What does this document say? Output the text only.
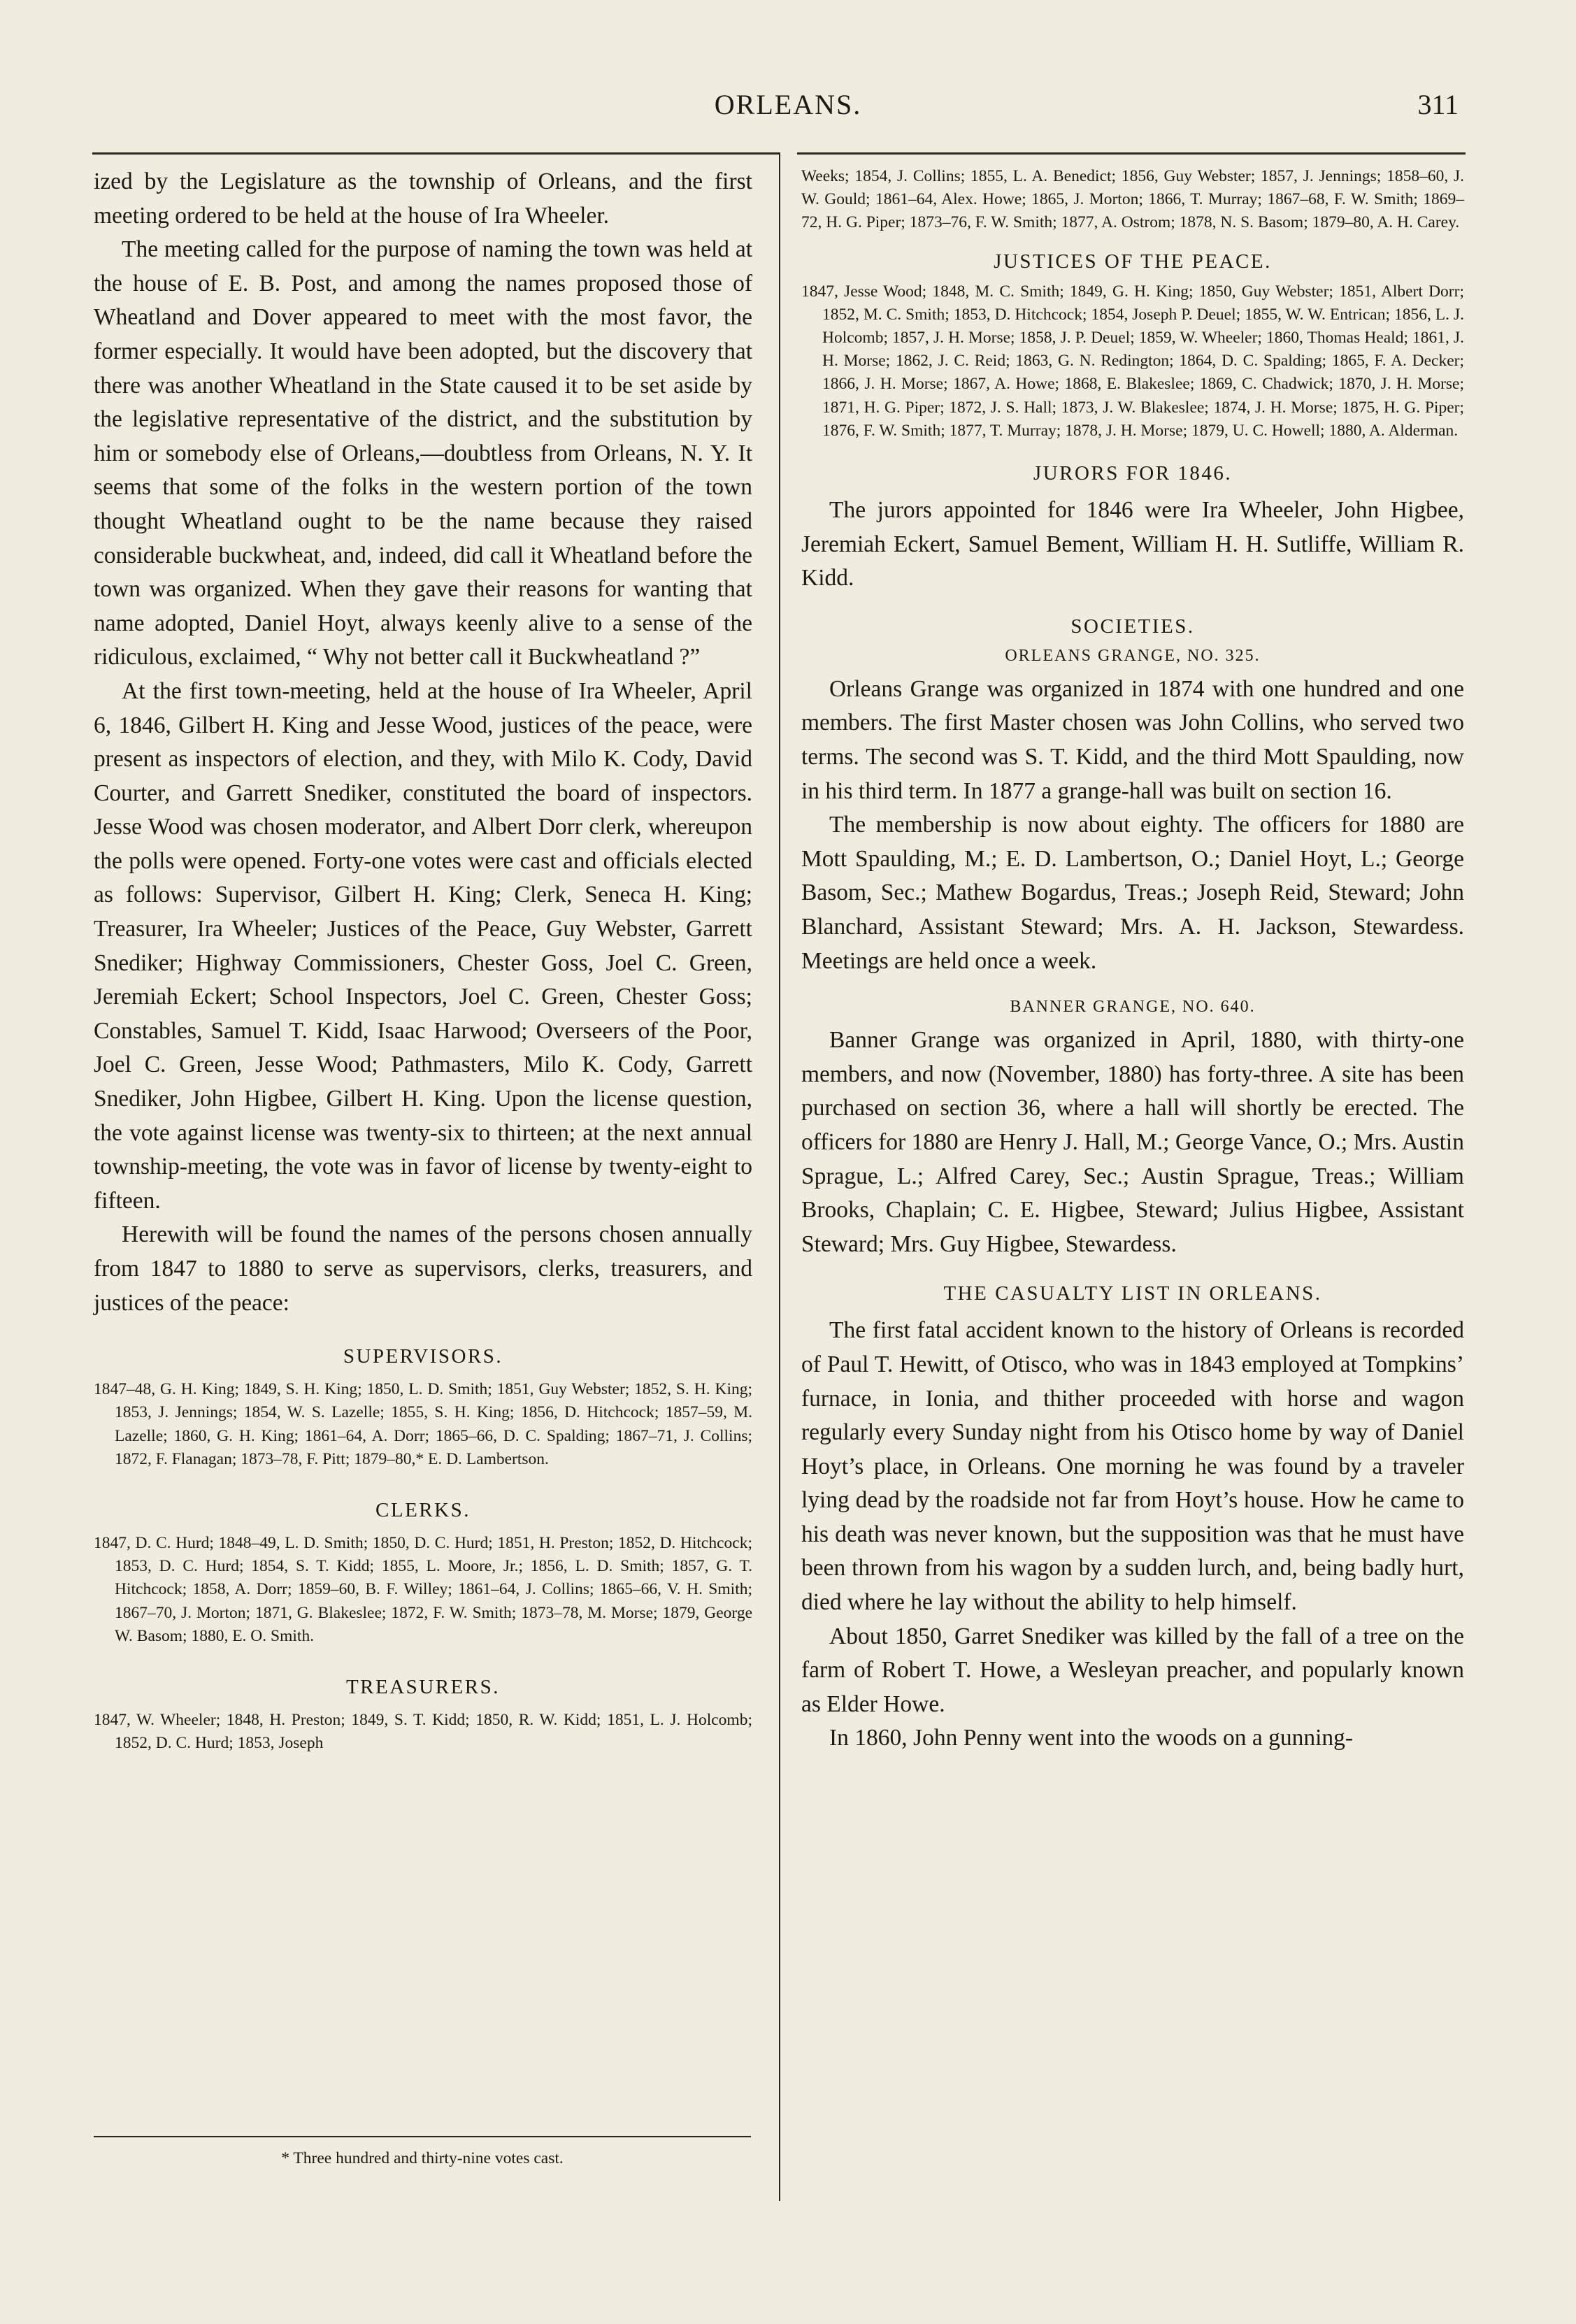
ORLEANS.	311

ized by the Legislature as the township of Orleans, and the first meeting ordered to be held at the house of Ira Wheeler.

The meeting called for the purpose of naming the town was held at the house of E. B. Post, and among the names proposed those of Wheatland and Dover appeared to meet with the most favor, the former especially. It would have been adopted, but the discovery that there was another Wheatland in the State caused it to be set aside by the legislative representative of the district, and the substitution by him or somebody else of Orleans,—doubtless from Orleans, N. Y. It seems that some of the folks in the western portion of the town thought Wheatland ought to be the name because they raised considerable buckwheat, and, indeed, did call it Wheatland before the town was organized. When they gave their reasons for wanting that name adopted, Daniel Hoyt, always keenly alive to a sense of the ridiculous, exclaimed, “ Why not better call it Buckwheatland ?”

At the first town-meeting, held at the house of Ira Wheeler, April 6, 1846, Gilbert H. King and Jesse Wood, justices of the peace, were present as inspectors of election, and they, with Milo K. Cody, David Courter, and Garrett Snediker, constituted the board of inspectors. Jesse Wood was chosen moderator, and Albert Dorr clerk, whereupon the polls were opened. Forty-one votes were cast and officials elected as follows: Supervisor, Gilbert H. King; Clerk, Seneca H. King; Treasurer, Ira Wheeler; Justices of the Peace, Guy Webster, Garrett Snediker; Highway Commissioners, Chester Goss, Joel C. Green, Jeremiah Eckert; School Inspectors, Joel C. Green, Chester Goss; Constables, Samuel T. Kidd, Isaac Harwood; Overseers of the Poor, Joel C. Green, Jesse Wood; Pathmasters, Milo K. Cody, Garrett Snediker, John Higbee, Gilbert H. King. Upon the license question, the vote against license was twenty-six to thirteen; at the next annual township-meeting, the vote was in favor of license by twenty-eight to fifteen.

Herewith will be found the names of the persons chosen annually from 1847 to 1880 to serve as supervisors, clerks, treasurers, and justices of the peace:

SUPERVISORS.

1847–48, G. H. King; 1849, S. H. King; 1850, L. D. Smith; 1851, Guy Webster; 1852, S. H. King; 1853, J. Jennings; 1854, W. S. Lazelle; 1855, S. H. King; 1856, D. Hitchcock; 1857–59, M. Lazelle; 1860, G. H. King; 1861–64, A. Dorr; 1865–66, D. C. Spalding; 1867–71, J. Collins; 1872, F. Flanagan; 1873–78, F. Pitt; 1879–80,* E. D. Lambertson.

CLERKS.

1847, D. C. Hurd; 1848–49, L. D. Smith; 1850, D. C. Hurd; 1851, H. Preston; 1852, D. Hitchcock; 1853, D. C. Hurd; 1854, S. T. Kidd; 1855, L. Moore, Jr.; 1856, L. D. Smith; 1857, G. T. Hitchcock; 1858, A. Dorr; 1859–60, B. F. Willey; 1861–64, J. Collins; 1865–66, V. H. Smith; 1867–70, J. Morton; 1871, G. Blakeslee; 1872, F. W. Smith; 1873–78, M. Morse; 1879, George W. Basom; 1880, E. O. Smith.

TREASURERS.

1847, W. Wheeler; 1848, H. Preston; 1849, S. T. Kidd; 1850, R. W. Kidd; 1851, L. J. Holcomb; 1852, D. C. Hurd; 1853, Joseph

* Three hundred and thirty-nine votes cast.

Weeks; 1854, J. Collins; 1855, L. A. Benedict; 1856, Guy Webster; 1857, J. Jennings; 1858–60, J. W. Gould; 1861–64, Alex. Howe; 1865, J. Morton; 1866, T. Murray; 1867–68, F. W. Smith; 1869–72, H. G. Piper; 1873–76, F. W. Smith; 1877, A. Ostrom; 1878, N. S. Basom; 1879–80, A. H. Carey.

JUSTICES OF THE PEACE.

1847, Jesse Wood; 1848, M. C. Smith; 1849, G. H. King; 1850, Guy Webster; 1851, Albert Dorr; 1852, M. C. Smith; 1853, D. Hitchcock; 1854, Joseph P. Deuel; 1855, W. W. Entrican; 1856, L. J. Holcomb; 1857, J. H. Morse; 1858, J. P. Deuel; 1859, W. Wheeler; 1860, Thomas Heald; 1861, J. H. Morse; 1862, J. C. Reid; 1863, G. N. Redington; 1864, D. C. Spalding; 1865, F. A. Decker; 1866, J. H. Morse; 1867, A. Howe; 1868, E. Blakeslee; 1869, C. Chadwick; 1870, J. H. Morse; 1871, H. G. Piper; 1872, J. S. Hall; 1873, J. W. Blakeslee; 1874, J. H. Morse; 1875, H. G. Piper; 1876, F. W. Smith; 1877, T. Murray; 1878, J. H. Morse; 1879, U. C. Howell; 1880, A. Alderman.

JURORS FOR 1846.

The jurors appointed for 1846 were Ira Wheeler, John Higbee, Jeremiah Eckert, Samuel Bement, William H. H. Sutliffe, William R. Kidd.

SOCIETIES.
ORLEANS GRANGE, NO. 325.

Orleans Grange was organized in 1874 with one hundred and one members. The first Master chosen was John Collins, who served two terms. The second was S. T. Kidd, and the third Mott Spaulding, now in his third term. In 1877 a grange-hall was built on section 16.

The membership is now about eighty. The officers for 1880 are Mott Spaulding, M.; E. D. Lambertson, O.; Daniel Hoyt, L.; George Basom, Sec.; Mathew Bogardus, Treas.; Joseph Reid, Steward; John Blanchard, Assistant Steward; Mrs. A. H. Jackson, Stewardess. Meetings are held once a week.

BANNER GRANGE, NO. 640.

Banner Grange was organized in April, 1880, with thirty-one members, and now (November, 1880) has forty-three. A site has been purchased on section 36, where a hall will shortly be erected. The officers for 1880 are Henry J. Hall, M.; George Vance, O.; Mrs. Austin Sprague, L.; Alfred Carey, Sec.; Austin Sprague, Treas.; William Brooks, Chaplain; C. E. Higbee, Steward; Julius Higbee, Assistant Steward; Mrs. Guy Higbee, Stewardess.

THE CASUALTY LIST IN ORLEANS.

The first fatal accident known to the history of Orleans is recorded of Paul T. Hewitt, of Otisco, who was in 1843 employed at Tompkins’ furnace, in Ionia, and thither proceeded with horse and wagon regularly every Sunday night from his Otisco home by way of Daniel Hoyt’s place, in Orleans. One morning he was found by a traveler lying dead by the roadside not far from Hoyt’s house. How he came to his death was never known, but the supposition was that he must have been thrown from his wagon by a sudden lurch, and, being badly hurt, died where he lay without the ability to help himself.

About 1850, Garret Snediker was killed by the fall of a tree on the farm of Robert T. Howe, a Wesleyan preacher, and popularly known as Elder Howe.

In 1860, John Penny went into the woods on a gunning-
